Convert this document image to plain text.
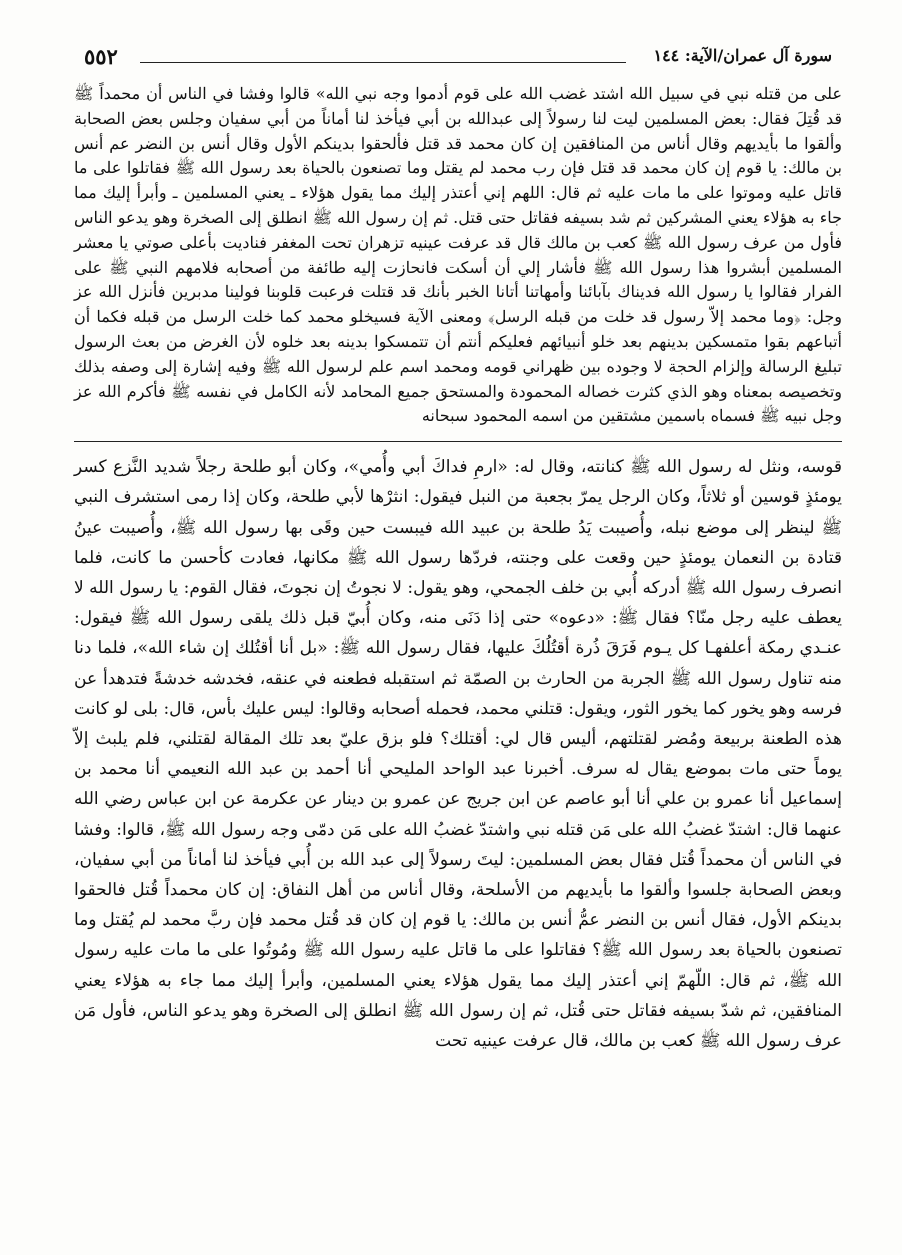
٥٥٢	سورة آل عمران/الآية: ١٤٤
على من قتله نبي في سبيل الله اشتد غضب الله على قوم أدموا وجه نبي الله» قالوا وفشا في الناس أن محمداً ﷺ قد قُتِلَ فقال: بعض المسلمين ليت لنا رسولاً إلى عبدالله بن أبي فيأخذ لنا أماناً من أبي سفيان وجلس بعض الصحابة وألقوا ما بأيديهم وقال أناس من المنافقين إن كان محمد قد قتل فألحقوا بدينكم الأول وقال أنس بن النضر عم أنس بن مالك: يا قوم إن كان محمد قد قتل فإن رب محمد لم يقتل وما تصنعون بالحياة بعد رسول الله ﷺ فقاتلوا على ما قاتل عليه وموتوا على ما مات عليه ثم قال: اللهم إني أعتذر إليك مما يقول هؤلاء ـ يعني المسلمين ـ وأبرأ إليك مما جاء به هؤلاء يعني المشركين ثم شد بسيفه فقاتل حتى قتل. ثم إن رسول الله ﷺ انطلق إلى الصخرة وهو يدعو الناس فأول من عرف رسول الله ﷺ كعب بن مالك قال قد عرفت عينيه تزهران تحت المغفر فناديت بأعلى صوتي يا معشر المسلمين أبشروا هذا رسول الله ﷺ فأشار إلي أن أسكت فانحازت إليه طائفة من أصحابه فلامهم النبي ﷺ على الفرار فقالوا يا رسول الله فديناك بآبائنا وأمهاتنا أتانا الخبر بأنك قد قتلت فرعبت قلوبنا فولينا مدبرين فأنزل الله عز وجل: ﴿وما محمد إلاّ رسول قد خلت من قبله الرسل﴾ ومعنى الآية فسيخلو محمد كما خلت الرسل من قبله فكما أن أتباعهم بقوا متمسكين بدينهم بعد خلو أنبيائهم فعليكم أنتم أن تتمسكوا بدينه بعد خلوه لأن الغرض من بعث الرسول تبليغ الرسالة وإلزام الحجة لا وجوده بين ظهراني قومه ومحمد اسم علم لرسول الله ﷺ وفيه إشارة إلى وصفه بذلك وتخصيصه بمعناه وهو الذي كثرت خصاله المحمودة والمستحق جميع المحامد لأنه الكامل في نفسه ﷺ فأكرم الله عز وجل نبيه ﷺ فسماه باسمين مشتقين من اسمه المحمود سبحانه
قوسه، ونثل له رسول الله ﷺ كنانته، وقال له: «ارمِ فداكَ أبي وأُمي»، وكان أبو طلحة رجلاً شديد النَّزع كسر يومئذٍ قوسين أو ثلاثاً، وكان الرجل يمرّ بجعبة من النبل فيقول: انثرْها لأبي طلحة، وكان إذا رمى استشرف النبي ﷺ لينظر إلى موضع نبله، وأُصيبت يَدُ طلحة بن عبيد الله فيبست حين وقَى بها رسول الله ﷺ، وأُصيبت عينُ قتادة بن النعمان يومئذٍ حين وقعت على وجنته، فردّها رسول الله ﷺ مكانها، فعادت كأحسن ما كانت، فلما انصرف رسول الله ﷺ أدركه أُبي بن خلف الجمحي، وهو يقول: لا نجوتُ إن نجوتَ، فقال القوم: يا رسول الله لا يعطف عليه رجل منّا؟ فقال ﷺ: «دعوه» حتى إذا دَنَى منه، وكان أُبيّ قبل ذلك يلقى رسول الله ﷺ فيقول: عنـدي رمكة أعلفهـا كل يـوم فَرَقَ ذُرة أقتُلُكَ عليها، فقال رسول الله ﷺ: «بل أنا أقتُلك إن شاء الله»، فلما دنا منه تناول رسول الله ﷺ الجربة من الحارث بن الصمّة ثم استقبله فطعنه في عنقه، فخدشه خدشةً فتدهدأ عن فرسه وهو يخور كما يخور الثور، ويقول: قتلني محمد، فحمله أصحابه وقالوا: ليس عليك بأس، قال: بلى لو كانت هذه الطعنة بربيعة ومُضر لقتلتهم، أليس قال لي: أقتلك؟ فلو بزق عليّ بعد تلك المقالة لقتلني، فلم يلبث إلاّ يوماً حتى مات بموضع يقال له سرف. أخبرنا عبد الواحد المليحي أنا أحمد بن عبد الله النعيمي أنا محمد بن إسماعيل أنا عمرو بن علي أنا أبو عاصم عن ابن جريج عن عمرو بن دينار عن عكرمة عن ابن عباس رضي الله عنهما قال: اشتدّ غضبُ الله على مَن قتله نبي واشتدّ غضبُ الله على مَن دمّى وجه رسول الله ﷺ، قالوا: وفشا في الناس أن محمداً قُتل فقال بعض المسلمين: ليتَ رسولاً إلى عبد الله بن أُبي فيأخذ لنا أماناً من أبي سفيان، وبعض الصحابة جلسوا وألقوا ما بأيديهم من الأسلحة، وقال أناس من أهل النفاق: إن كان محمداً قُتل فالحقوا بدينكم الأول، فقال أنس بن النضر عمُّ أنس بن مالك: يا قوم إن كان قد قُتل محمد فإن ربَّ محمد لم يُقتل وما تصنعون بالحياة بعد رسول الله ﷺ؟ فقاتلوا على ما قاتل عليه رسول الله ﷺ ومُوتُوا على ما مات عليه رسول الله ﷺ، ثم قال: اللّهمّ إني أعتذر إليك مما يقول هؤلاء يعني المسلمين، وأبرأ إليك مما جاء به هؤلاء يعني المنافقين، ثم شدّ بسيفه فقاتل حتى قُتل، ثم إن رسول الله ﷺ انطلق إلى الصخرة وهو يدعو الناس، فأول مَن عرف رسول الله ﷺ كعب بن مالك، قال عرفت عينيه تحت
